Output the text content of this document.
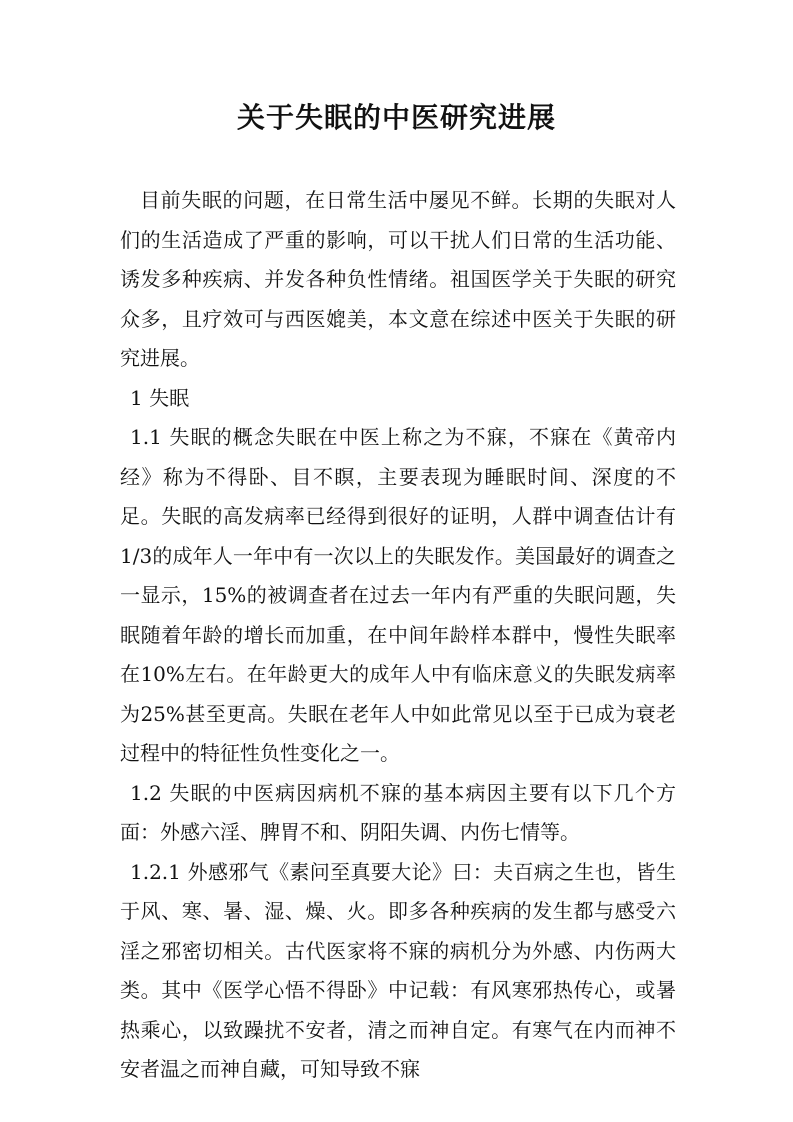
关于失眠的中医研究进展

目前失眠的问题，在日常生活中屡见不鲜。长期的失眠对人们的生活造成了严重的影响，可以干扰人们日常的生活功能、诱发多种疾病、并发各种负性情绪。祖国医学关于失眠的研究众多，且疗效可与西医媲美，本文意在综述中医关于失眠的研究进展。

1 失眠

1.1 失眠的概念失眠在中医上称之为不寐，不寐在《黄帝内经》称为不得卧、目不瞑，主要表现为睡眠时间、深度的不足。失眠的高发病率已经得到很好的证明，人群中调查估计有1/3的成年人一年中有一次以上的失眠发作。美国最好的调查之一显示，15%的被调查者在过去一年内有严重的失眠问题，失眠随着年龄的增长而加重，在中间年龄样本群中，慢性失眠率在10%左右。在年龄更大的成年人中有临床意义的失眠发病率为25%甚至更高。失眠在老年人中如此常见以至于已成为衰老过程中的特征性负性变化之一。

1.2 失眠的中医病因病机不寐的基本病因主要有以下几个方面：外感六淫、脾胃不和、阴阳失调、内伤七情等。

1.2.1 外感邪气《素问至真要大论》曰：夫百病之生也，皆生于风、寒、暑、湿、燥、火。即多各种疾病的发生都与感受六淫之邪密切相关。古代医家将不寐的病机分为外感、内伤两大类。其中《医学心悟不得卧》中记载：有风寒邪热传心，或暑热乘心，以致躁扰不安者，清之而神自定。有寒气在内而神不安者温之而神自藏，可知导致不寐
